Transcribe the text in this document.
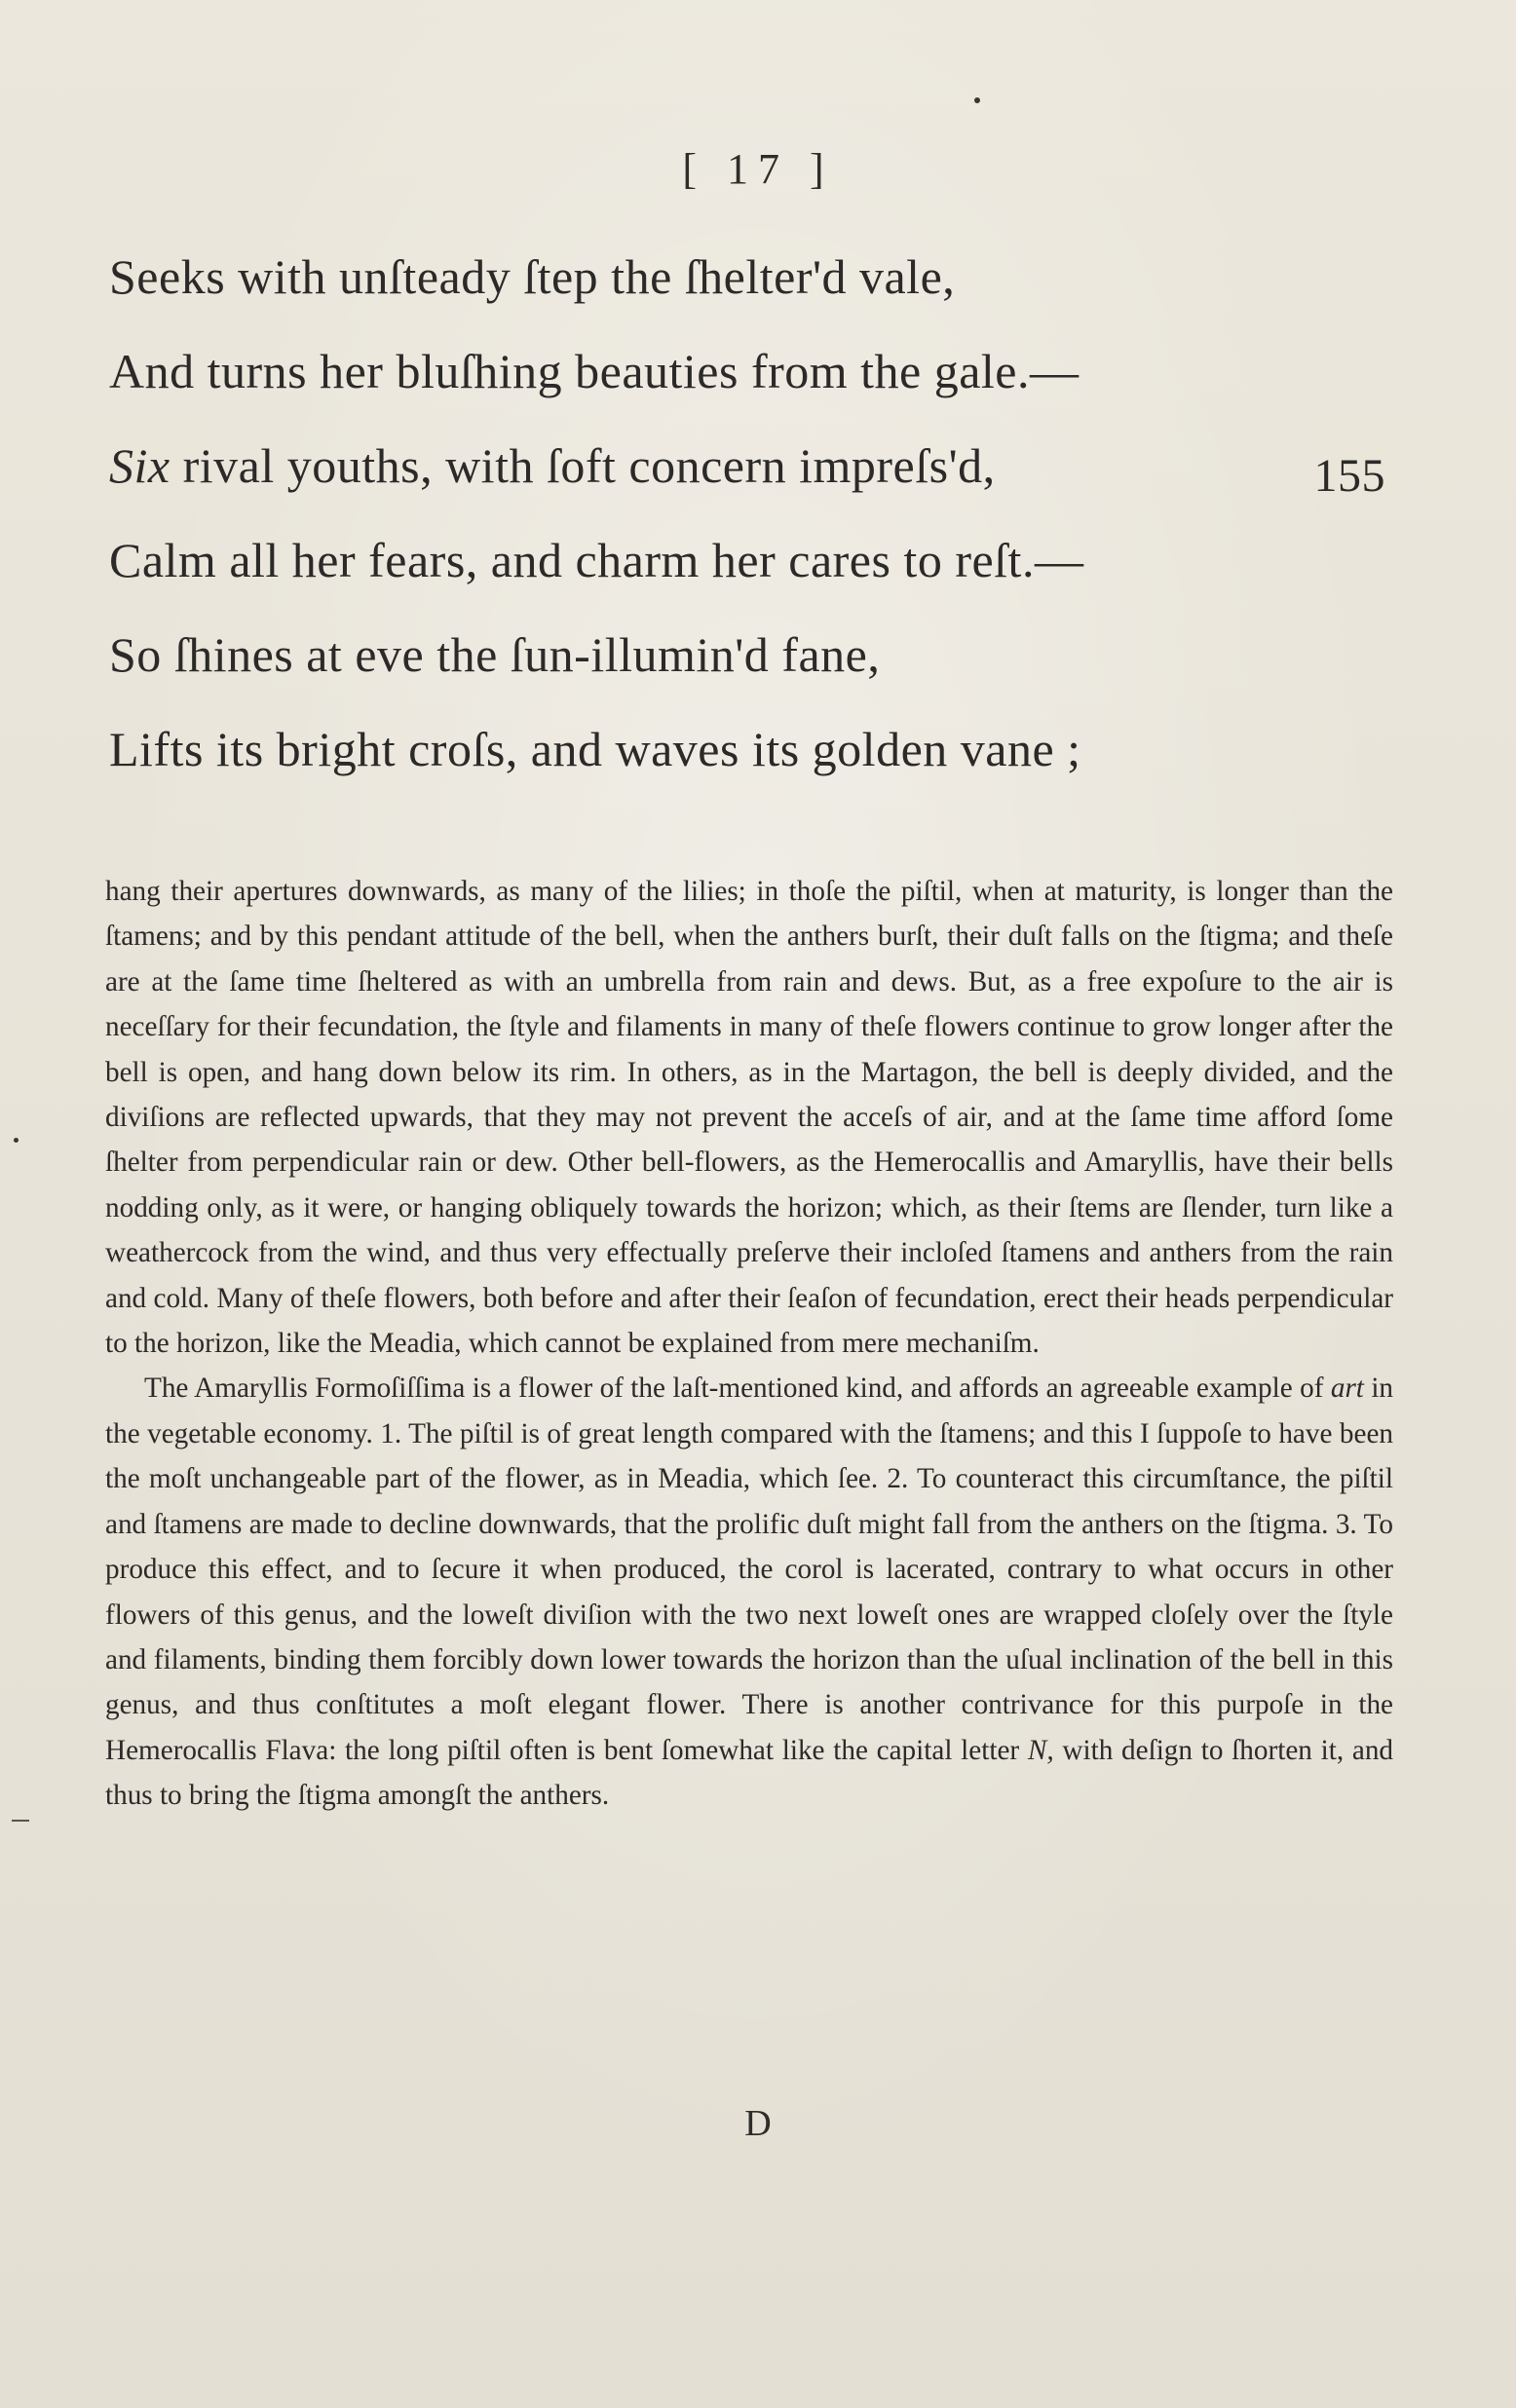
[ 17 ]
Seeks with unſteady ſtep the ſhelter'd vale,
And turns her bluſhing beauties from the gale.—
Six rival youths, with ſoft concern impreſs'd,	155
Calm all her fears, and charm her cares to reſt.—
So ſhines at eve the ſun-illumin'd fane,
Lifts its bright croſs, and waves its golden vane ;

hang their apertures downwards, as many of the lilies; in thoſe the piſtil, when at maturity, is longer than the ſtamens; and by this pendant attitude of the bell, when the anthers burſt, their duſt falls on the ſtigma; and theſe are at the ſame time ſheltered as with an umbrella from rain and dews. But, as a free expoſure to the air is neceſſary for their fecundation, the ſtyle and filaments in many of theſe flowers continue to grow longer after the bell is open, and hang down below its rim. In others, as in the Martagon, the bell is deeply divided, and the diviſions are reflected upwards, that they may not prevent the acceſs of air, and at the ſame time afford ſome ſhelter from perpendicular rain or dew. Other bell-flowers, as the Hemerocallis and Amaryllis, have their bells nodding only, as it were, or hanging obliquely towards the horizon; which, as their ſtems are ſlender, turn like a weathercock from the wind, and thus very effectually preſerve their incloſed ſtamens and anthers from the rain and cold. Many of theſe flowers, both before and after their ſeaſon of fecundation, erect their heads perpendicular to the horizon, like the Meadia, which cannot be explained from mere mechaniſm.

The Amaryllis Formoſiſſima is a flower of the laſt-mentioned kind, and affords an agreeable example of art in the vegetable economy. 1. The piſtil is of great length compared with the ſtamens; and this I ſuppoſe to have been the moſt unchangeable part of the flower, as in Meadia, which ſee. 2. To counteract this circumſtance, the piſtil and ſtamens are made to decline downwards, that the prolific duſt might fall from the anthers on the ſtigma. 3. To produce this effect, and to ſecure it when produced, the corol is lacerated, contrary to what occurs in other flowers of this genus, and the loweſt diviſion with the two next loweſt ones are wrapped cloſely over the ſtyle and filaments, binding them forcibly down lower towards the horizon than the uſual inclination of the bell in this genus, and thus conſtitutes a moſt elegant flower. There is another contrivance for this purpoſe in the Hemerocallis Flava: the long piſtil often is bent ſomewhat like the capital letter N, with deſign to ſhorten it, and thus to bring the ſtigma amongſt the anthers.

D
